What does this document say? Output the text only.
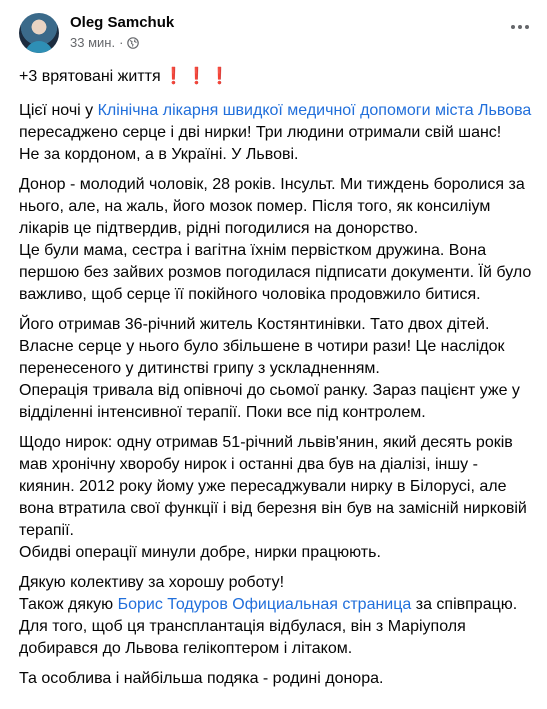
Oleg Samchuk
33 мин. ·

+3 врятовані життя ❗❗❗

Цієї ночі у Клінічна лікарня швидкої медичної допомоги міста Львова пересаджено серце і дві нирки! Три людини отримали свій шанс!

Не за кордоном, а в Україні. У Львові.

Донор - молодий чоловік, 28 років. Інсульт. Ми тиждень боролися за нього, але, на жаль, його мозок помер. Після того, як консиліум лікарів це підтвердив, рідні погодилися на донорство.

Це були мама, сестра і вагітна їхнім первістком дружина. Вона першою без зайвих розмов погодилася підписати документи. Їй було важливо, щоб серце її покійного чоловіка продовжило битися.

Його отримав 36-річний житель Костянтинівки. Тато двох дітей. Власне серце у нього було збільшене в чотири рази! Це наслідок перенесеного у дитинстві грипу з ускладненням.

Операція тривала від опівночі до сьомої ранку. Зараз пацієнт уже у відділенні інтенсивної терапії. Поки все під контролем.

Щодо нирок: одну отримав 51-річний львів'янин, який десять років мав хронічну хворобу нирок і останні два був на діалізі, іншу - киянин. 2012 року йому уже пересаджували нирку в Білорусі, але вона втратила свої функції і від березня він був на замісній нирковій терапії.

Обидві операції минули добре, нирки працюють.

Дякую колективу за хорошу роботу!

Також дякую Борис Тодуров Официальная страница за співпрацю.

Для того, щоб ця трансплантація відбулася, він з Маріуполя добирався до Львова гелікоптером і літаком.

Та особлива і найбільша подяка - родині донора.
